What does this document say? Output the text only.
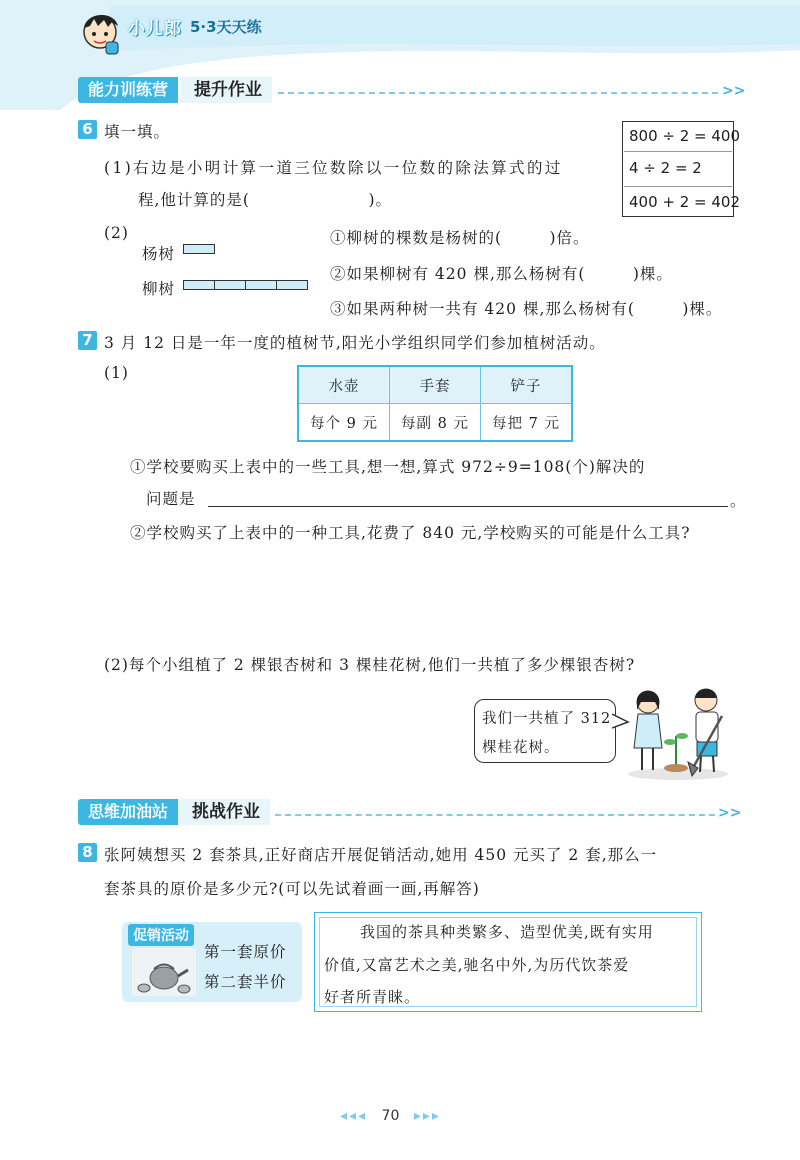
小儿郎 5·3天天练
能力训练营	提升作业	>>
6 填一填。
(1)右边是小明计算一道三位数除以一位数的除法算式的过
程,他计算的是(                    )。
800 ÷ 2 = 400
4 ÷ 2 = 2
400 + 2 = 402
(2)
杨树
柳树
①柳树的棵数是杨树的(        )倍。
②如果柳树有 420 棵,那么杨树有(        )棵。
③如果两种树一共有 420 棵,那么杨树有(        )棵。
7 3 月 12 日是一年一度的植树节,阳光小学组织同学们参加植树活动。
(1)
水壶	手套	铲子
每个 9 元	每副 8 元	每把 7 元
①学校要购买上表中的一些工具,想一想,算式 972÷9=108(个)解决的
问题是	。
②学校购买了上表中的一种工具,花费了 840 元,学校购买的可能是什么工具?
(2)每个小组植了 2 棵银杏树和 3 棵桂花树,他们一共植了多少棵银杏树?
我们一共植了 312
棵桂花树。
思维加油站	挑战作业	>>
8 张阿姨想买 2 套茶具,正好商店开展促销活动,她用 450 元买了 2 套,那么一
套茶具的原价是多少元?(可以先试着画一画,再解答)
促销活动
第一套原价
第二套半价
我国的茶具种类繁多、造型优美,既有实用
价值,又富艺术之美,驰名中外,为历代饮茶爱
好者所青睐。
◂◂◂ 70 ▸▸▸
